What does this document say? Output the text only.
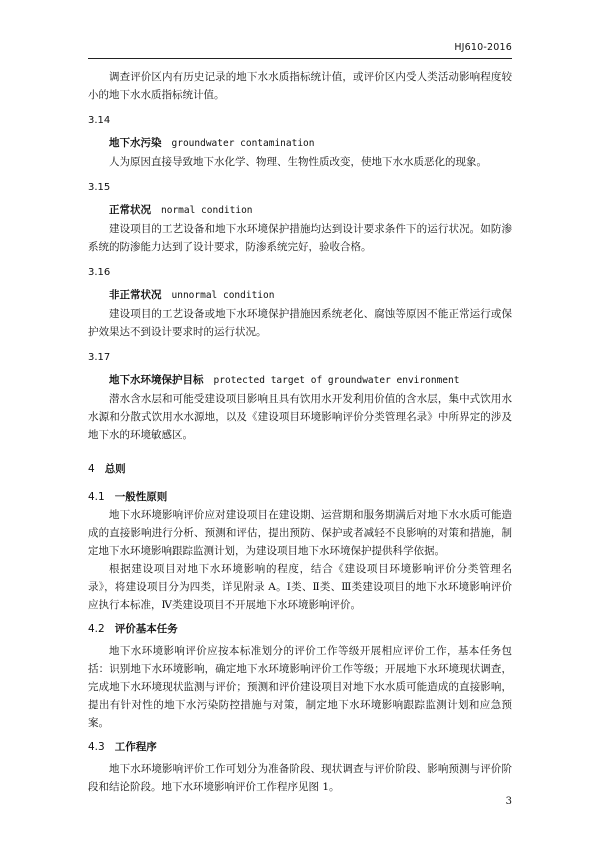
HJ610-2016

调查评价区内有历史记录的地下水水质指标统计值，或评价区内受人类活动影响程度较小的地下水水质指标统计值。

3.14

地下水污染 groundwater contamination

人为原因直接导致地下水化学、物理、生物性质改变，使地下水水质恶化的现象。

3.15

正常状况 normal condition

建设项目的工艺设备和地下水环境保护措施均达到设计要求条件下的运行状况。如防渗系统的防渗能力达到了设计要求，防渗系统完好，验收合格。

3.16

非正常状况 unnormal condition

建设项目的工艺设备或地下水环境保护措施因系统老化、腐蚀等原因不能正常运行或保护效果达不到设计要求时的运行状况。

3.17

地下水环境保护目标 protected target of groundwater environment

潜水含水层和可能受建设项目影响且具有饮用水开发利用价值的含水层，集中式饮用水水源和分散式饮用水水源地，以及《建设项目环境影响评价分类管理名录》中所界定的涉及地下水的环境敏感区。

4 总则

4.1 一般性原则

地下水环境影响评价应对建设项目在建设期、运营期和服务期满后对地下水水质可能造成的直接影响进行分析、预测和评估，提出预防、保护或者减轻不良影响的对策和措施，制定地下水环境影响跟踪监测计划，为建设项目地下水环境保护提供科学依据。

根据建设项目对地下水环境影响的程度，结合《建设项目环境影响评价分类管理名录》，将建设项目分为四类，详见附录 A。Ⅰ类、Ⅱ类、Ⅲ类建设项目的地下水环境影响评价应执行本标准，Ⅳ类建设项目不开展地下水环境影响评价。

4.2 评价基本任务

地下水环境影响评价应按本标准划分的评价工作等级开展相应评价工作，基本任务包括：识别地下水环境影响，确定地下水环境影响评价工作等级；开展地下水环境现状调查，完成地下水环境现状监测与评价；预测和评价建设项目对地下水水质可能造成的直接影响，提出有针对性的地下水污染防控措施与对策，制定地下水环境影响跟踪监测计划和应急预案。

4.3 工作程序

地下水环境影响评价工作可划分为准备阶段、现状调查与评价阶段、影响预测与评价阶段和结论阶段。地下水环境影响评价工作程序见图 1。

3
